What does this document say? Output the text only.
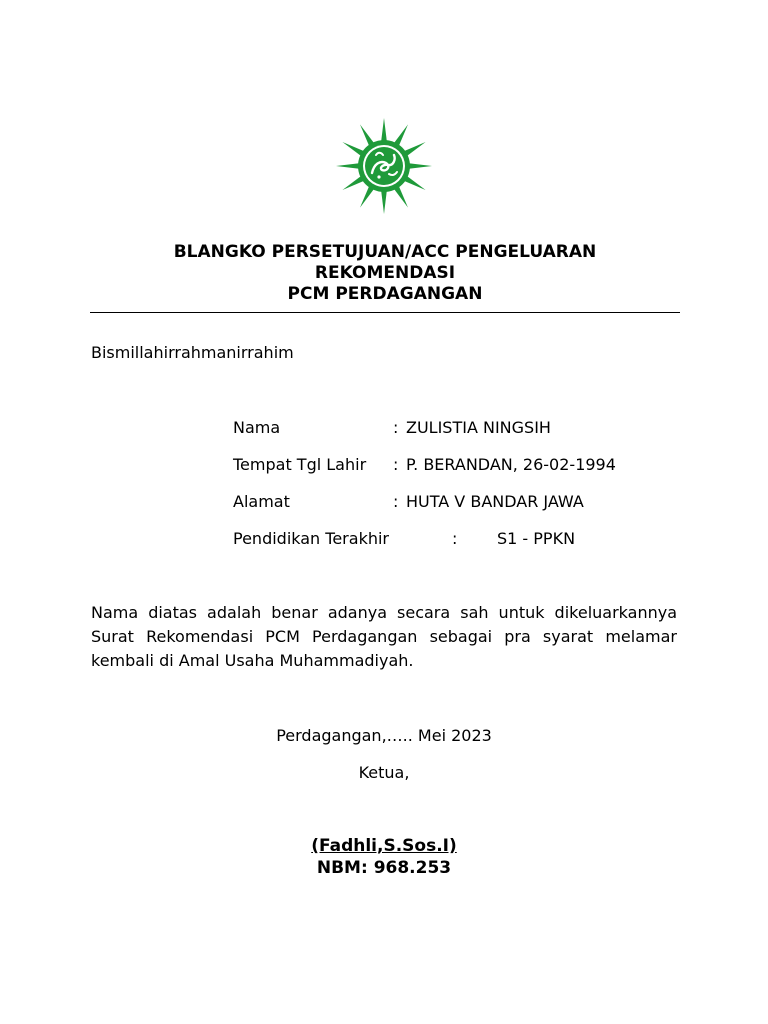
BLANGKO PERSETUJUAN/ACC PENGELUARAN
REKOMENDASI
PCM PERDAGANGAN
Bismillahirrahmanirrahim
Nama	: ZULISTIA NINGSIH
Tempat Tgl Lahir : P. BERANDAN, 26-02-1994
Alamat	: HUTA V BANDAR JAWA
Pendidikan Terakhir	: S1 - PPKN
Nama diatas adalah benar adanya secara sah untuk dikeluarkannya Surat Rekomendasi PCM Perdagangan sebagai pra syarat melamar kembali di Amal Usaha Muhammadiyah.
Perdagangan,….. Mei 2023
Ketua,
(Fadhli,S.Sos.I)
NBM: 968.253
